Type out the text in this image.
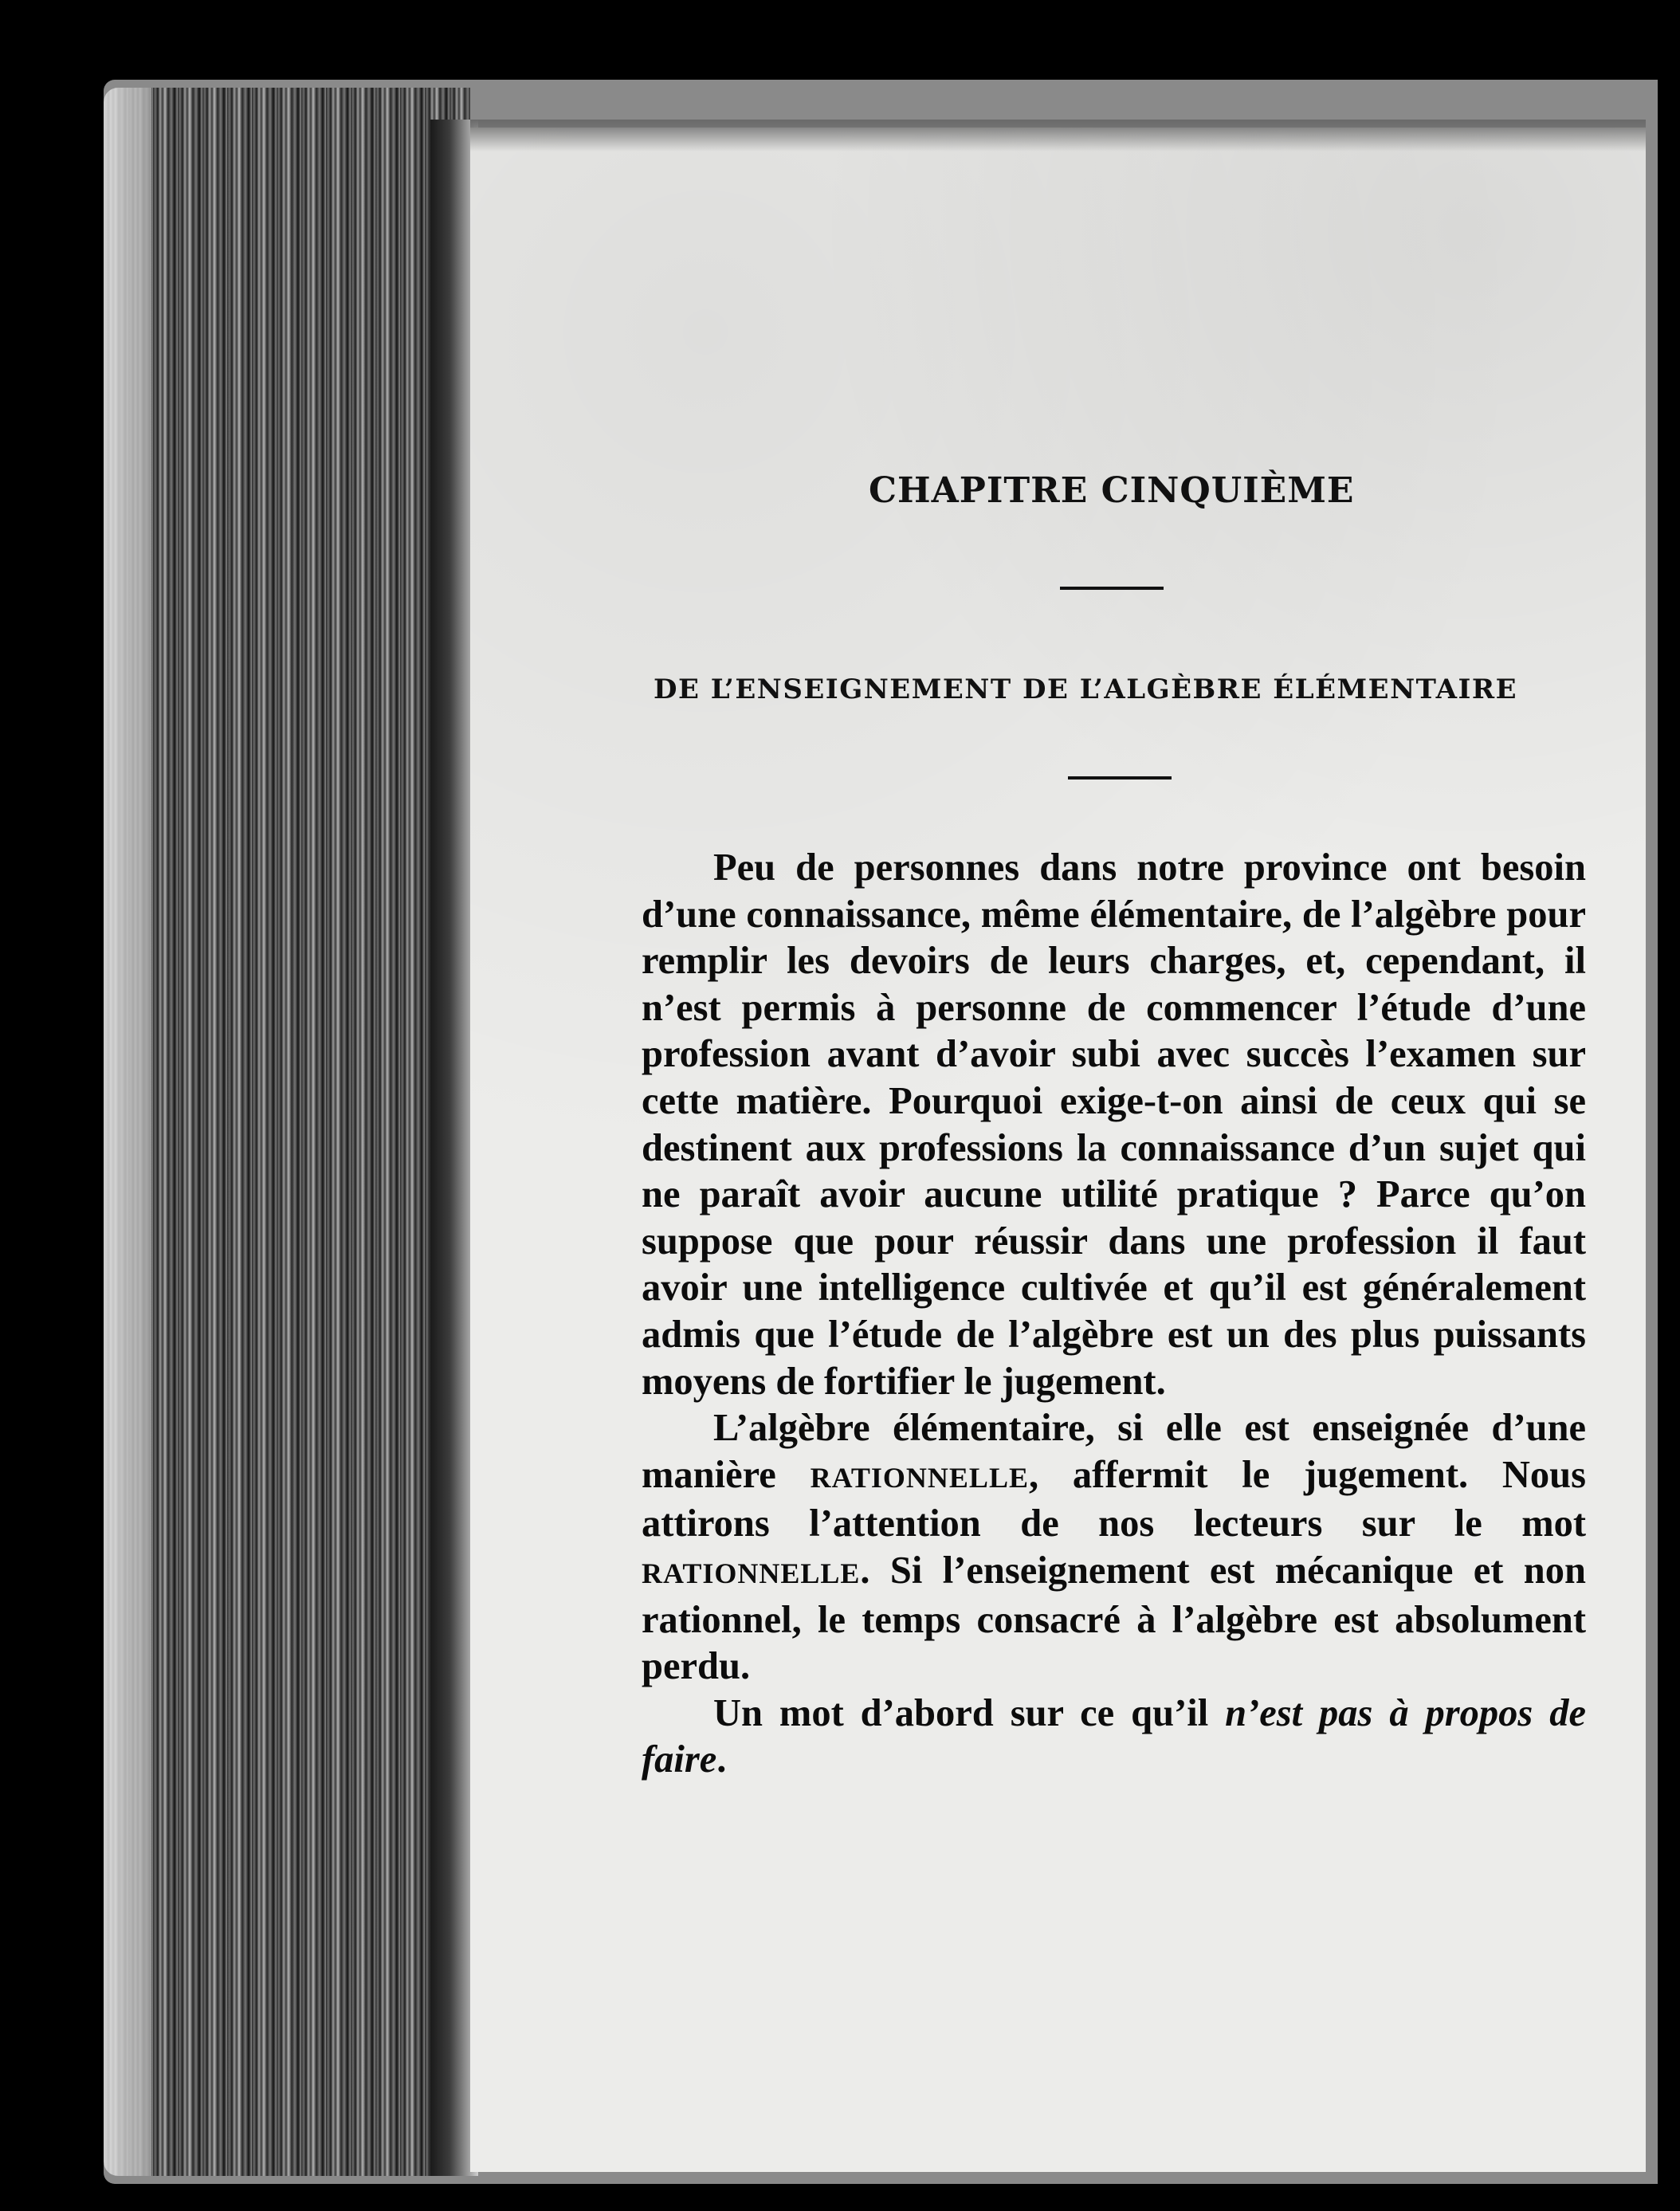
CHAPITRE CINQUIÈME
DE L’ENSEIGNEMENT DE L’ALGÈBRE ÉLÉMENTAIRE

Peu de personnes dans notre province ont besoin d’une connaissance, même élémentaire, de l’algèbre pour remplir les devoirs de leurs charges, et, cependant, il n’est permis à personne de commencer l’étude d’une profession avant d’avoir subi avec succès l’examen sur cette matière. Pourquoi exige-t-on ainsi de ceux qui se destinent aux professions la connaissance d’un sujet qui ne paraît avoir aucune utilité pratique ? Parce qu’on suppose que pour réussir dans une profession il faut avoir une intelligence cultivée et qu’il est généralement admis que l’étude de l’algèbre est un des plus puissants moyens de fortifier le jugement.

L’algèbre élémentaire, si elle est enseignée d’une manière RATIONNELLE, affermit le jugement. Nous attirons l’attention de nos lecteurs sur le mot RATIONNELLE. Si l’enseignement est mécanique et non rationnel, le temps consacré à l’algèbre est absolument perdu.

Un mot d’abord sur ce qu’il n’est pas à propos de faire.
